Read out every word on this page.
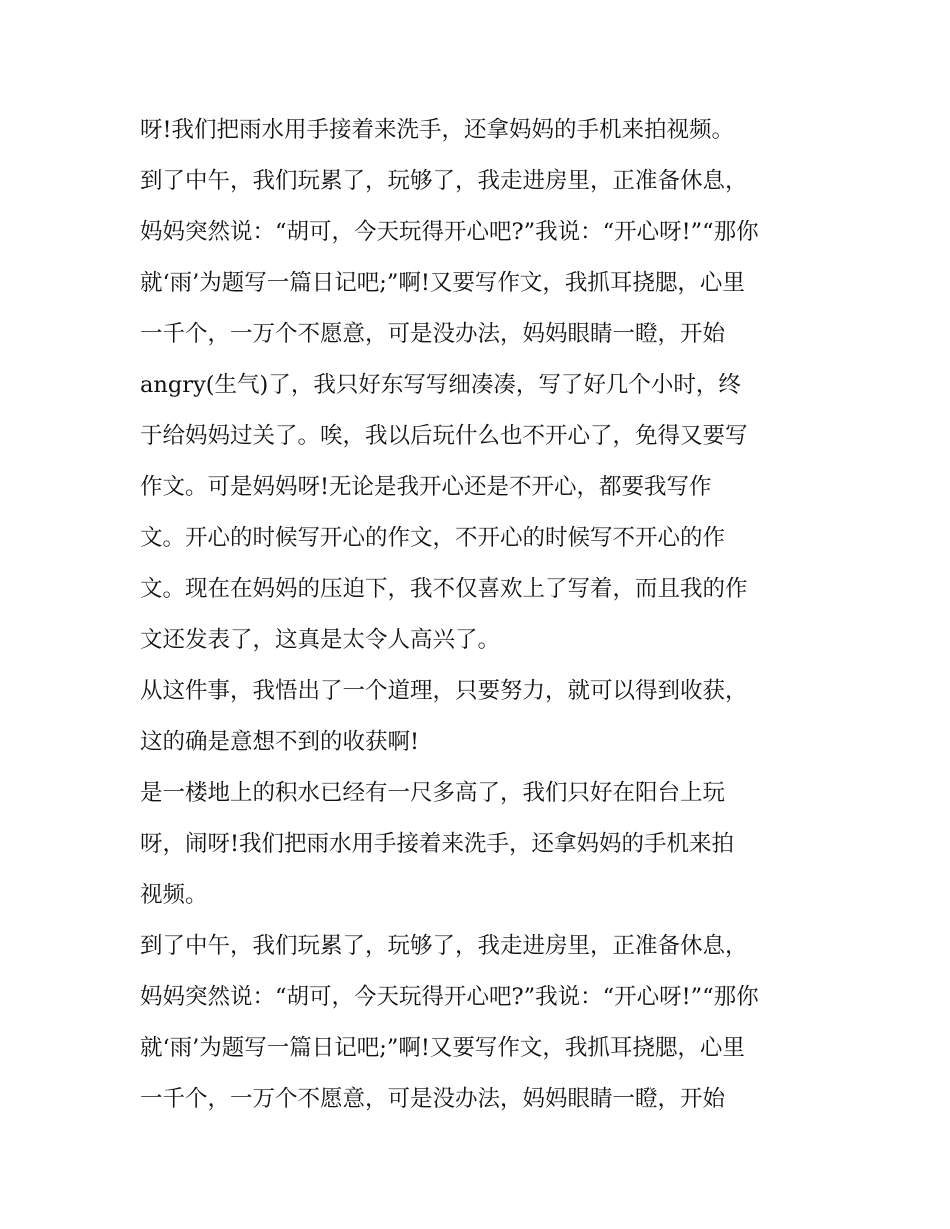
呀!我们把雨水用手接着来洗手，还拿妈妈的手机来拍视频。
到了中午，我们玩累了，玩够了，我走进房里，正准备休息，
妈妈突然说：“胡可，今天玩得开心吧?”我说：“开心呀!”“那你
就‘雨’为题写一篇日记吧;”啊!又要写作文，我抓耳挠腮，心里
一千个，一万个不愿意，可是没办法，妈妈眼睛一瞪，开始
angry(生气)了，我只好东写写细凑凑，写了好几个小时，终
于给妈妈过关了。唉，我以后玩什么也不开心了，免得又要写
作文。可是妈妈呀!无论是我开心还是不开心，都要我写作
文。开心的时候写开心的作文，不开心的时候写不开心的作
文。现在在妈妈的压迫下，我不仅喜欢上了写着，而且我的作
文还发表了，这真是太令人高兴了。
从这件事，我悟出了一个道理，只要努力，就可以得到收获，
这的确是意想不到的收获啊!
是一楼地上的积水已经有一尺多高了，我们只好在阳台上玩
呀，闹呀!我们把雨水用手接着来洗手，还拿妈妈的手机来拍
视频。
到了中午，我们玩累了，玩够了，我走进房里，正准备休息，
妈妈突然说：“胡可，今天玩得开心吧?”我说：“开心呀!”“那你
就‘雨’为题写一篇日记吧;”啊!又要写作文，我抓耳挠腮，心里
一千个，一万个不愿意，可是没办法，妈妈眼睛一瞪，开始
